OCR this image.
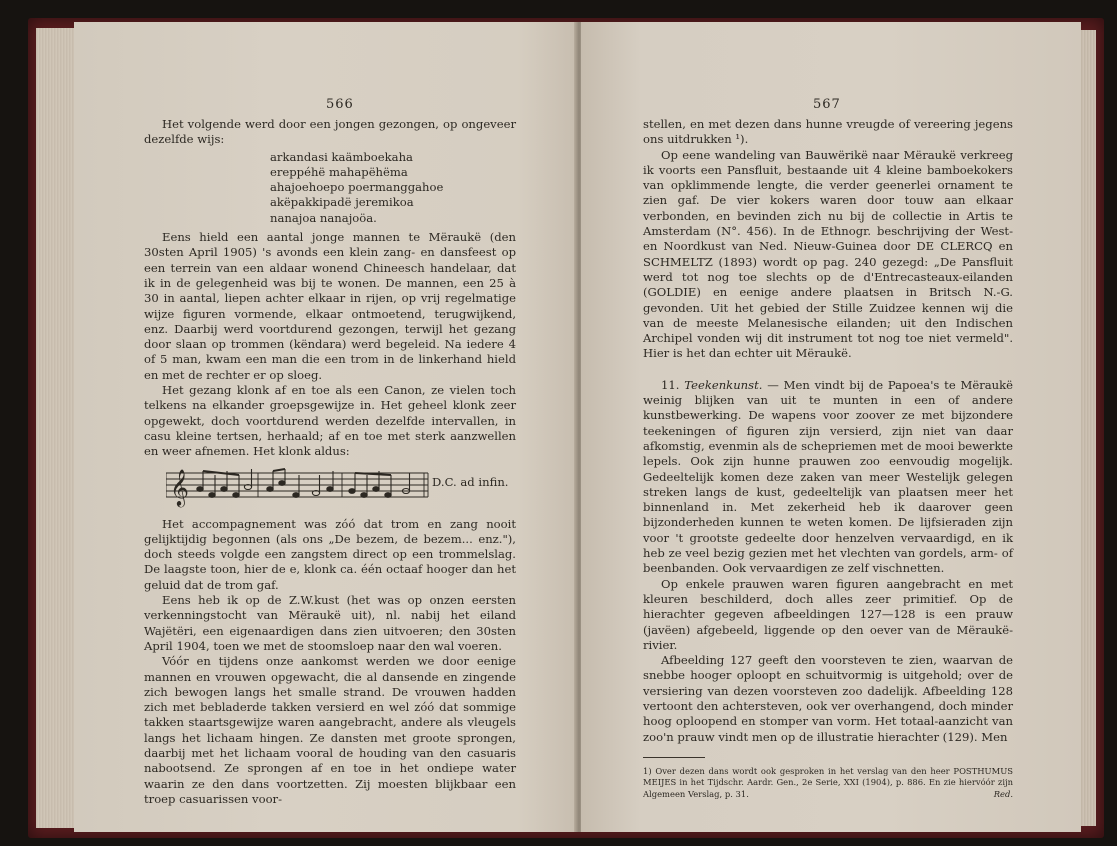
566

Het volgende werd door een jongen gezongen, op ongeveer dezelfde wijs:

arkandasi kaämboekaha
ereppéhë mahapëhëma
ahajoehoepo poermanggahoe
akëpakkipadë jeremikoa
nanajoa nanajoöa.

Eens hield een aantal jonge mannen te Mëraukë (den 30sten April 1905) 's avonds een klein zang- en dansfeest op een terrein van een aldaar wonend Chineesch handelaar, dat ik in de gelegenheid was bij te wonen. De mannen, een 25 à 30 in aantal, liepen achter elkaar in rijen, op vrij regelmatige wijze figuren vormende, elkaar ontmoetend, terugwijkend, enz. Daarbij werd voortdurend gezongen, terwijl het gezang door slaan op trommen (këndara) werd begeleid. Na iedere 4 of 5 man, kwam een man die een trom in de linkerhand hield en met de rechter er op sloeg.

Het gezang klonk af en toe als een Canon, ze vielen toch telkens na elkander groepsgewijze in. Het geheel klonk zeer opgewekt, doch voortdurend werden dezelfde intervallen, in casu kleine tertsen, herhaald; af en toe met sterk aanzwellen en weer afnemen. Het klonk aldus:

𝄞	D.C. ad infin.

Het accompagnement was zóó dat trom en zang nooit gelijktijdig begonnen (als ons „De bezem, de bezem... enz."), doch steeds volgde een zangstem direct op een trommelslag. De laagste toon, hier de e, klonk ca. één octaaf hooger dan het geluid dat de trom gaf.

Eens heb ik op de Z.W.kust (het was op onzen eersten verkenningstocht van Mëraukë uit), nl. nabij het eiland Wajëtëri, een eigenaardigen dans zien uitvoeren; den 30sten April 1904, toen we met de stoomsloep naar den wal voeren.

Vóór en tijdens onze aankomst werden we door eenige mannen en vrouwen opgewacht, die al dansende en zingende zich bewogen langs het smalle strand. De vrouwen hadden zich met bebladerde takken versierd en wel zóó dat sommige takken staartsgewijze waren aangebracht, andere als vleugels langs het lichaam hingen. Ze dansten met groote sprongen, daarbij met het lichaam vooral de houding van den casuaris nabootsend. Ze sprongen af en toe in het ondiepe water waarin ze den dans voortzetten. Zij moesten blijkbaar een troep casuarissen voor-

567

stellen, en met dezen dans hunne vreugde of vereering jegens ons uitdrukken ¹).

Op eene wandeling van Bauwërikë naar Mëraukë verkreeg ik voorts een Pansfluit, bestaande uit 4 kleine bamboekokers van opklimmende lengte, die verder geenerlei ornament te zien gaf. De vier kokers waren door touw aan elkaar verbonden, en bevinden zich nu bij de collectie in Artis te Amsterdam (N°. 456). In de Ethnogr. beschrijving der West- en Noordkust van Ned. Nieuw-Guinea door DE CLERCQ en SCHMELTZ (1893) wordt op pag. 240 gezegd: „De Pansfluit werd tot nog toe slechts op de d'Entrecasteaux-eilanden (GOLDIE) en eenige andere plaatsen in Britsch N.-G. gevonden. Uit het gebied der Stille Zuidzee kennen wij die van de meeste Melanesische eilanden; uit den Indischen Archipel vonden wij dit instrument tot nog toe niet vermeld". Hier is het dan echter uit Mëraukë.

11. Teekenkunst. — Men vindt bij de Papoea's te Mëraukë weinig blijken van uit te munten in een of andere kunstbewerking. De wapens voor zoover ze met bijzondere teekeningen of figuren zijn versierd, zijn niet van daar afkomstig, evenmin als de schepriemen met de mooi bewerkte lepels. Ook zijn hunne prauwen zoo eenvoudig mogelijk. Gedeeltelijk komen deze zaken van meer Westelijk gelegen streken langs de kust, gedeeltelijk van plaatsen meer het binnenland in. Met zekerheid heb ik daarover geen bijzonderheden kunnen te weten komen. De lijfsieraden zijn voor 't grootste gedeelte door henzelven vervaardigd, en ik heb ze veel bezig gezien met het vlechten van gordels, arm- of beenbanden. Ook vervaardigen ze zelf vischnetten.

Op enkele prauwen waren figuren aangebracht en met kleuren beschilderd, doch alles zeer primitief. Op de hierachter gegeven afbeeldingen 127—128 is een prauw (javëen) afgebeeld, liggende op den oever van de Mëraukë-rivier.

Afbeelding 127 geeft den voorsteven te zien, waarvan de snebbe hooger oploopt en schuitvormig is uitgehold; over de versiering van dezen voorsteven zoo dadelijk. Afbeelding 128 vertoont den achtersteven, ook ver overhangend, doch minder hoog oploopend en stomper van vorm. Het totaal-aanzicht van zoo'n prauw vindt men op de illustratie hierachter (129). Men

1) Over dezen dans wordt ook gesproken in het verslag van den heer POSTHUMUS MEIJES in het Tijdschr. Aardr. Gen., 2e Serie, XXI (1904), p. 886. En zie hiervóór zijn Algemeen Verslag, p. 31.	Red.
